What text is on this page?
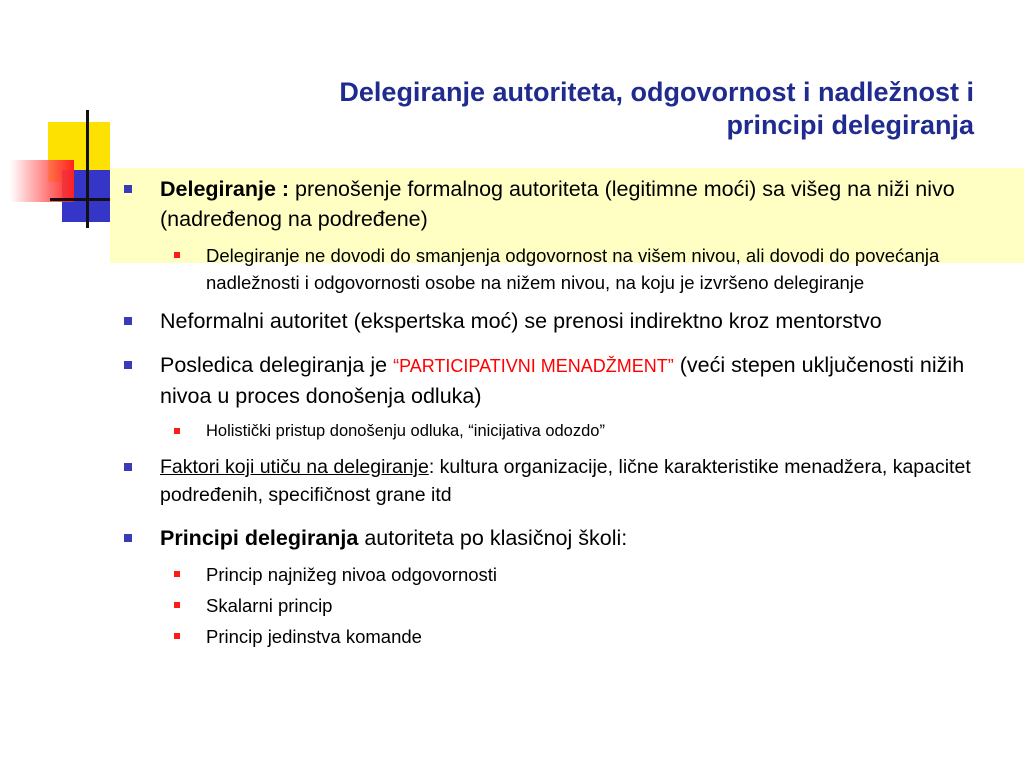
Delegiranje autoriteta, odgovornost i nadležnost i
principi delegiranja
Delegiranje : prenošenje formalnog autoriteta (legitimne moći) sa višeg na niži nivo (nadređenog na podređene)
Delegiranje ne dovodi do smanjenja odgovornost na višem nivou, ali dovodi do povećanja nadležnosti i odgovornosti osobe na nižem nivou, na koju je izvršeno delegiranje
Neformalni autoritet (ekspertska moć) se prenosi indirektno kroz mentorstvo
Posledica delegiranja je “PARTICIPATIVNI MENADŽMENT” (veći stepen uključenosti nižih nivoa u proces donošenja odluka)
Holistički pristup donošenju odluka, “inicijativa odozdo”
Faktori koji utiču na delegiranje: kultura organizacije, lične karakteristike menadžera, kapacitet podređenih, specifičnost grane itd
Principi delegiranja autoriteta po klasičnoj školi:
Princip najnižeg nivoa odgovornosti
Skalarni princip
Princip jedinstva komande
